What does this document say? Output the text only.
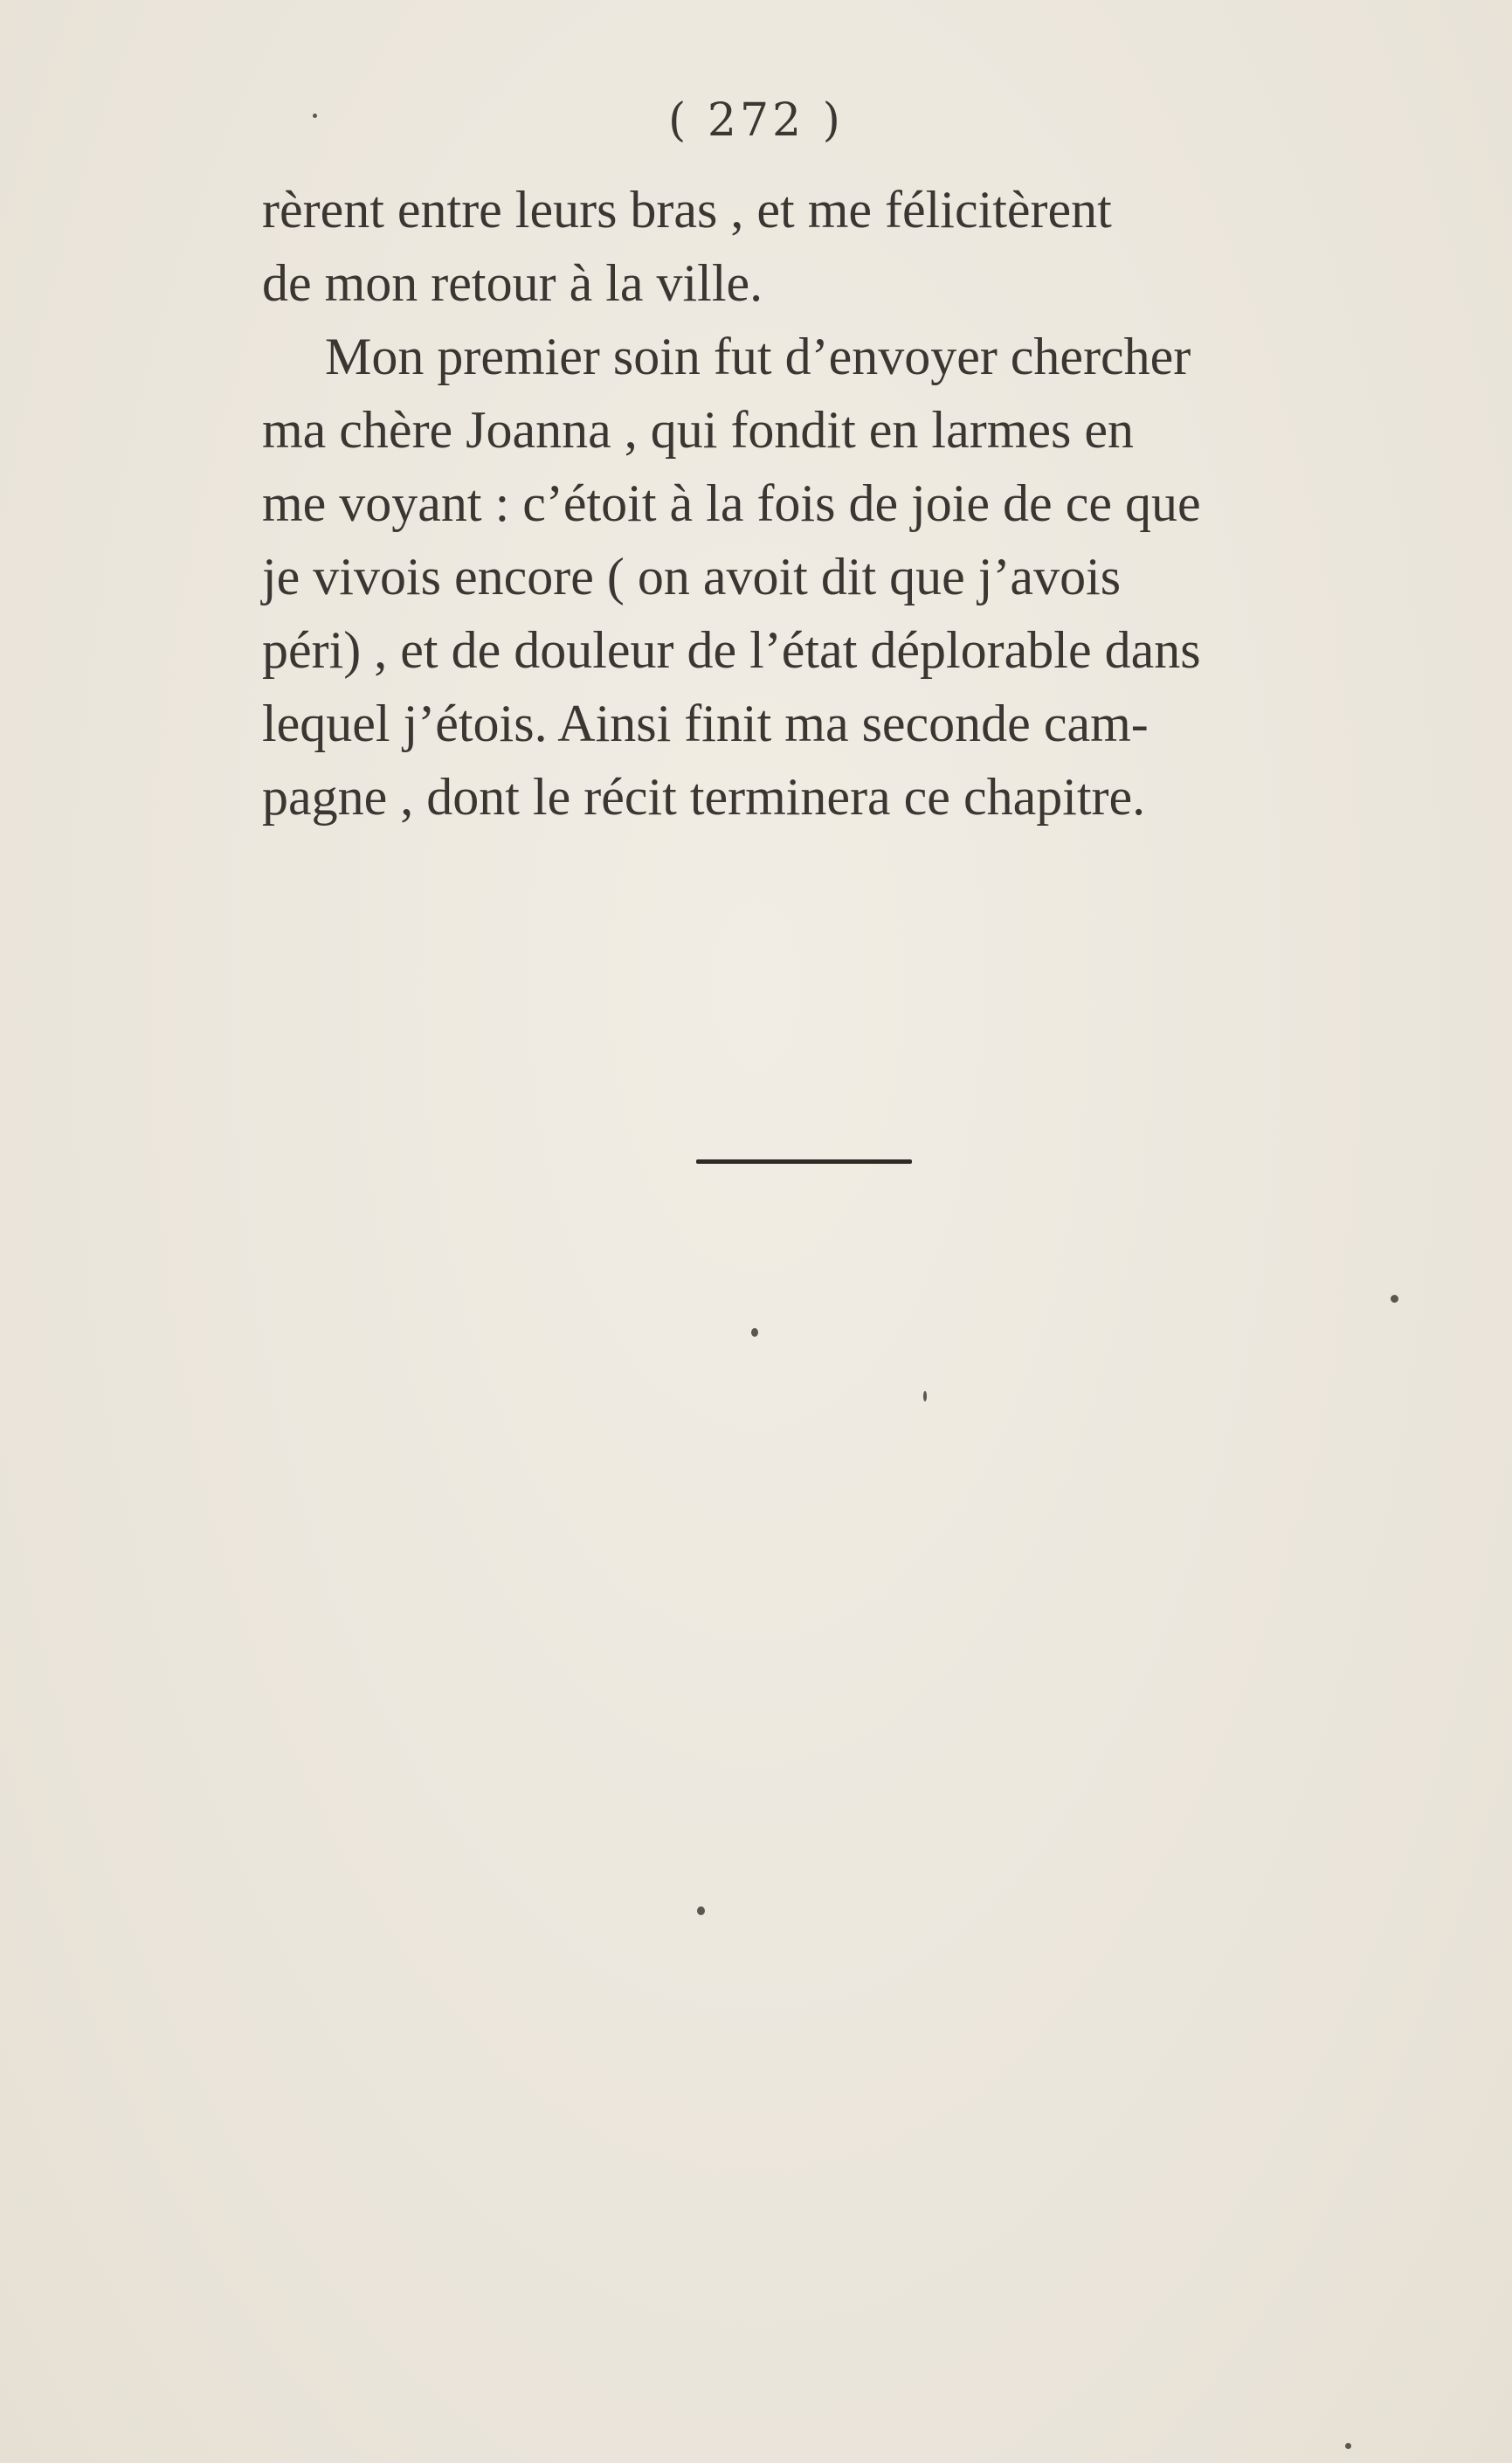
( 272 )
rèrent entre leurs bras , et me félicitèrent
de mon retour à la ville.
Mon premier soin fut d’envoyer chercher
ma chère Joanna , qui fondit en larmes en
me voyant : c’étoit à la fois de joie de ce que
je vivois encore ( on avoit dit que j’avois
péri) , et de douleur de l’état déplorable dans
lequel j’étois. Ainsi finit ma seconde cam-
pagne , dont le récit terminera ce chapitre.
